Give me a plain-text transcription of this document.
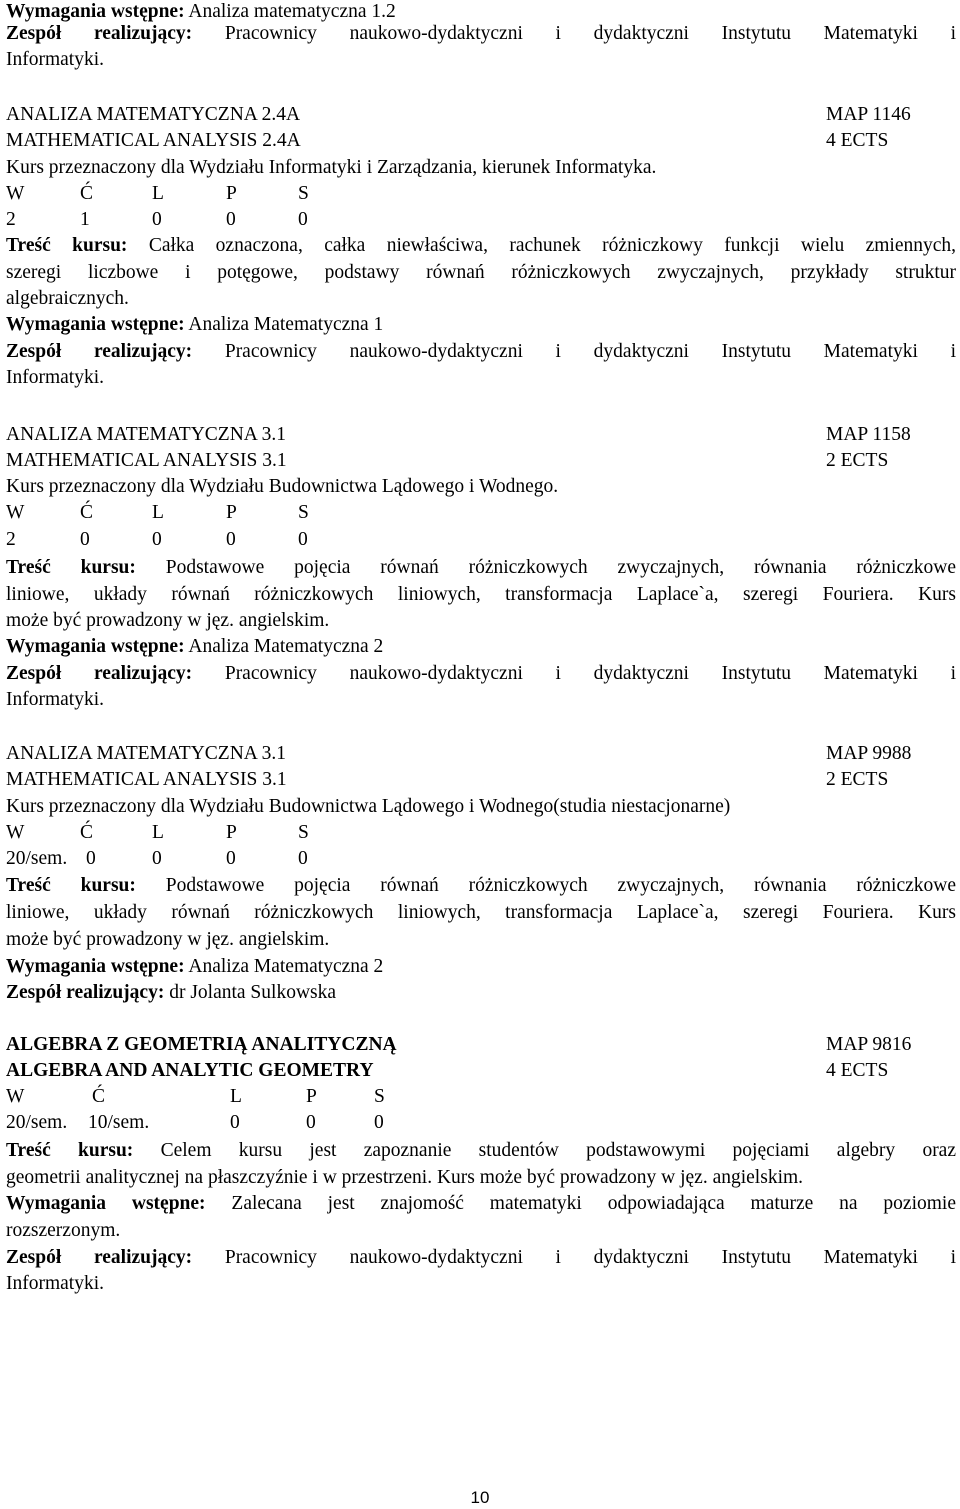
Wymagania wstępne: Analiza matematyczna 1.2
Zespół realizujący: Pracownicy naukowo-dydaktyczni i dydaktyczni Instytutu Matematyki i
Informatyki.
ANALIZA MATEMATYCZNA 2.4A	MAP 1146
MATHEMATICAL ANALYSIS 2.4A	4 ECTS
Kurs przeznaczony dla Wydziału Informatyki i Zarządzania, kierunek Informatyka.
W	Ć	L	P	S
2	1	0	0	0
Treść kursu: Całka oznaczona, całka niewłaściwa, rachunek różniczkowy funkcji wielu zmiennych,
szeregi liczbowe i potęgowe, podstawy równań różniczkowych zwyczajnych, przykłady struktur
algebraicznych.
Wymagania wstępne: Analiza Matematyczna 1
Zespół realizujący: Pracownicy naukowo-dydaktyczni i dydaktyczni Instytutu Matematyki i
Informatyki.
ANALIZA MATEMATYCZNA 3.1	MAP 1158
MATHEMATICAL ANALYSIS 3.1	2 ECTS
Kurs przeznaczony dla Wydziału Budownictwa Lądowego i Wodnego.
W	Ć	L	P	S
2	0	0	0	0
Treść kursu: Podstawowe pojęcia równań różniczkowych zwyczajnych, równania różniczkowe
liniowe, układy równań różniczkowych liniowych, transformacja Laplace`a, szeregi Fouriera. Kurs
może być prowadzony w jęz. angielskim.
Wymagania wstępne: Analiza Matematyczna 2
Zespół realizujący: Pracownicy naukowo-dydaktyczni i dydaktyczni Instytutu Matematyki i
Informatyki.
ANALIZA MATEMATYCZNA 3.1	MAP 9988
MATHEMATICAL ANALYSIS 3.1	2 ECTS
Kurs przeznaczony dla Wydziału Budownictwa Lądowego i Wodnego(studia niestacjonarne)
W	Ć	L	P	S
20/sem. 0	0	0	0
Treść kursu: Podstawowe pojęcia równań różniczkowych zwyczajnych, równania różniczkowe
liniowe, układy równań różniczkowych liniowych, transformacja Laplace`a, szeregi Fouriera. Kurs
może być prowadzony w jęz. angielskim.
Wymagania wstępne: Analiza Matematyczna 2
Zespół realizujący: dr Jolanta Sulkowska
ALGEBRA Z GEOMETRIĄ ANALITYCZNĄ	MAP 9816
ALGEBRA AND ANALYTIC GEOMETRY	4 ECTS
W	Ć	L	P	S
20/sem. 10/sem.	0	0	0
Treść kursu: Celem kursu jest zapoznanie studentów podstawowymi pojęciami algebry oraz
geometrii analitycznej na płaszczyźnie i w przestrzeni. Kurs może być prowadzony w jęz. angielskim.
Wymagania wstępne: Zalecana jest znajomość matematyki odpowiadająca maturze na poziomie
rozszerzonym.
Zespół realizujący: Pracownicy naukowo-dydaktyczni i dydaktyczni Instytutu Matematyki i
Informatyki.
10
